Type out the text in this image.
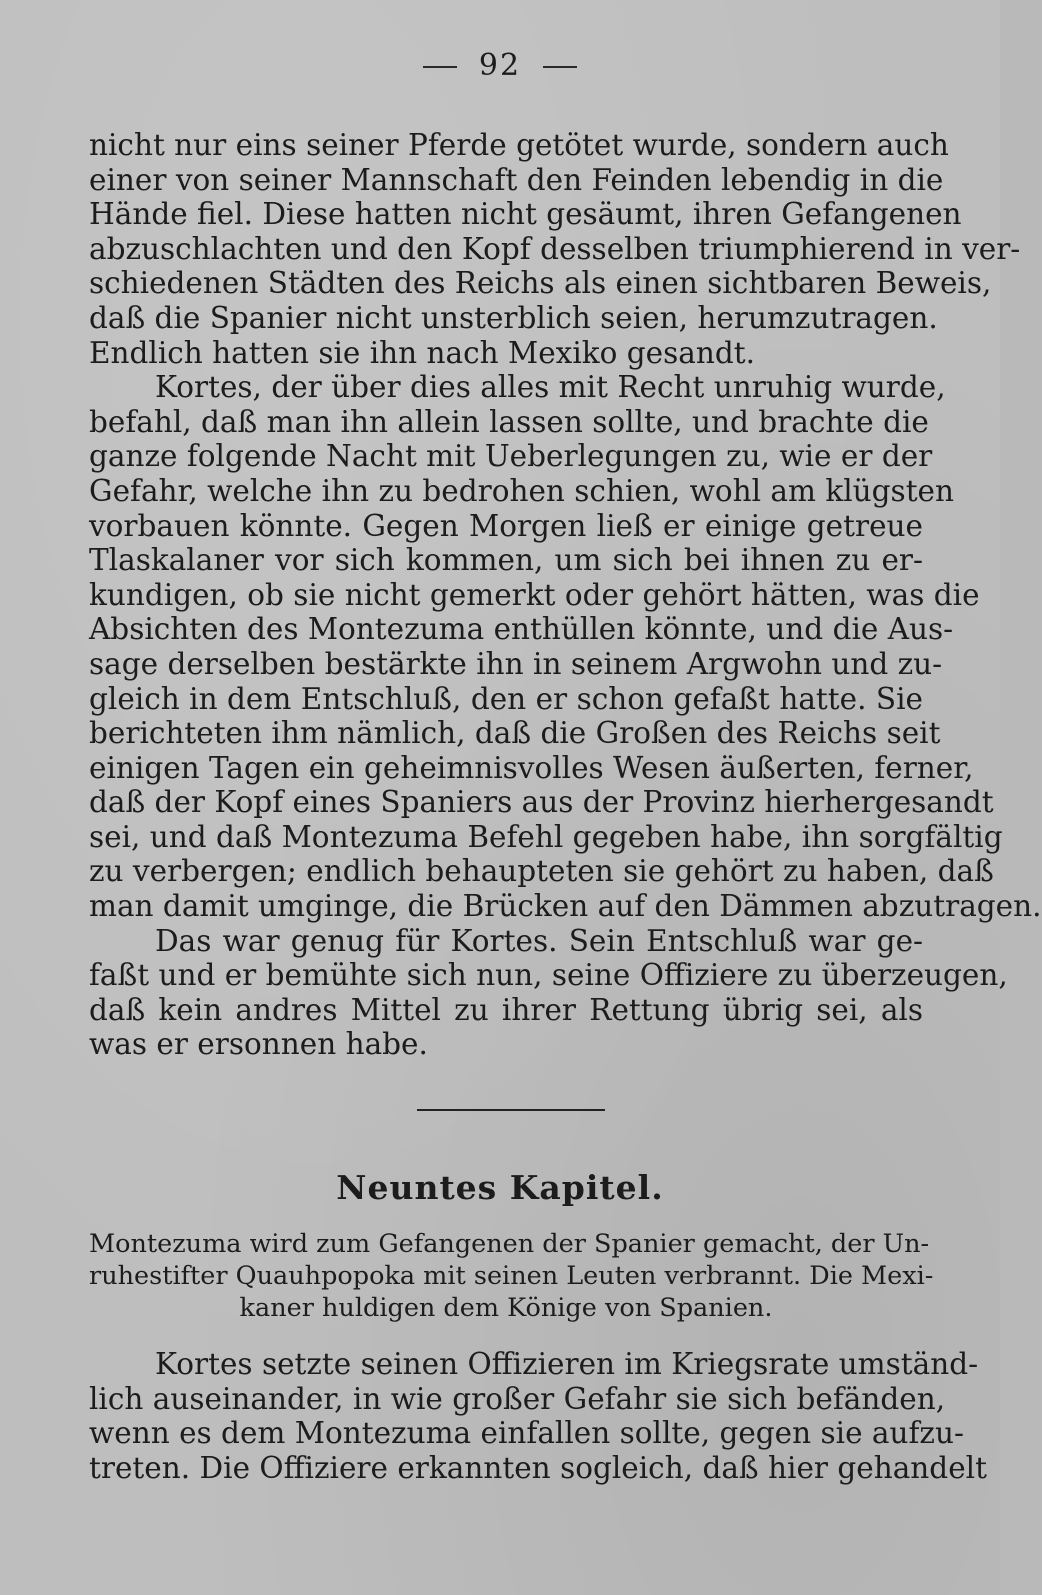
92
nicht nur eins seiner Pferde getötet wurde, sondern auch
einer von seiner Mannschaft den Feinden lebendig in die
Hände fiel. Diese hatten nicht gesäumt, ihren Gefangenen
abzuschlachten und den Kopf desselben triumphierend in ver-
schiedenen Städten des Reichs als einen sichtbaren Beweis,
daß die Spanier nicht unsterblich seien, herumzutragen.
Endlich hatten sie ihn nach Mexiko gesandt.
Kortes, der über dies alles mit Recht unruhig wurde,
befahl, daß man ihn allein lassen sollte, und brachte die
ganze folgende Nacht mit Ueberlegungen zu, wie er der
Gefahr, welche ihn zu bedrohen schien, wohl am klügsten
vorbauen könnte. Gegen Morgen ließ er einige getreue
Tlaskalaner vor sich kommen, um sich bei ihnen zu er-
kundigen, ob sie nicht gemerkt oder gehört hätten, was die
Absichten des Montezuma enthüllen könnte, und die Aus-
sage derselben bestärkte ihn in seinem Argwohn und zu-
gleich in dem Entschluß, den er schon gefaßt hatte. Sie
berichteten ihm nämlich, daß die Großen des Reichs seit
einigen Tagen ein geheimnisvolles Wesen äußerten, ferner,
daß der Kopf eines Spaniers aus der Provinz hierhergesandt
sei, und daß Montezuma Befehl gegeben habe, ihn sorgfältig
zu verbergen; endlich behaupteten sie gehört zu haben, daß
man damit umginge, die Brücken auf den Dämmen abzutragen.
Das war genug für Kortes. Sein Entschluß war ge-
faßt und er bemühte sich nun, seine Offiziere zu überzeugen,
daß kein andres Mittel zu ihrer Rettung übrig sei, als
was er ersonnen habe.
Neuntes Kapitel.
Montezuma wird zum Gefangenen der Spanier gemacht, der Un-
ruhestifter Quauhpopoka mit seinen Leuten verbrannt. Die Mexi-
kaner huldigen dem Könige von Spanien.
Kortes setzte seinen Offizieren im Kriegsrate umständ-
lich auseinander, in wie großer Gefahr sie sich befänden,
wenn es dem Montezuma einfallen sollte, gegen sie aufzu-
treten. Die Offiziere erkannten sogleich, daß hier gehandelt
